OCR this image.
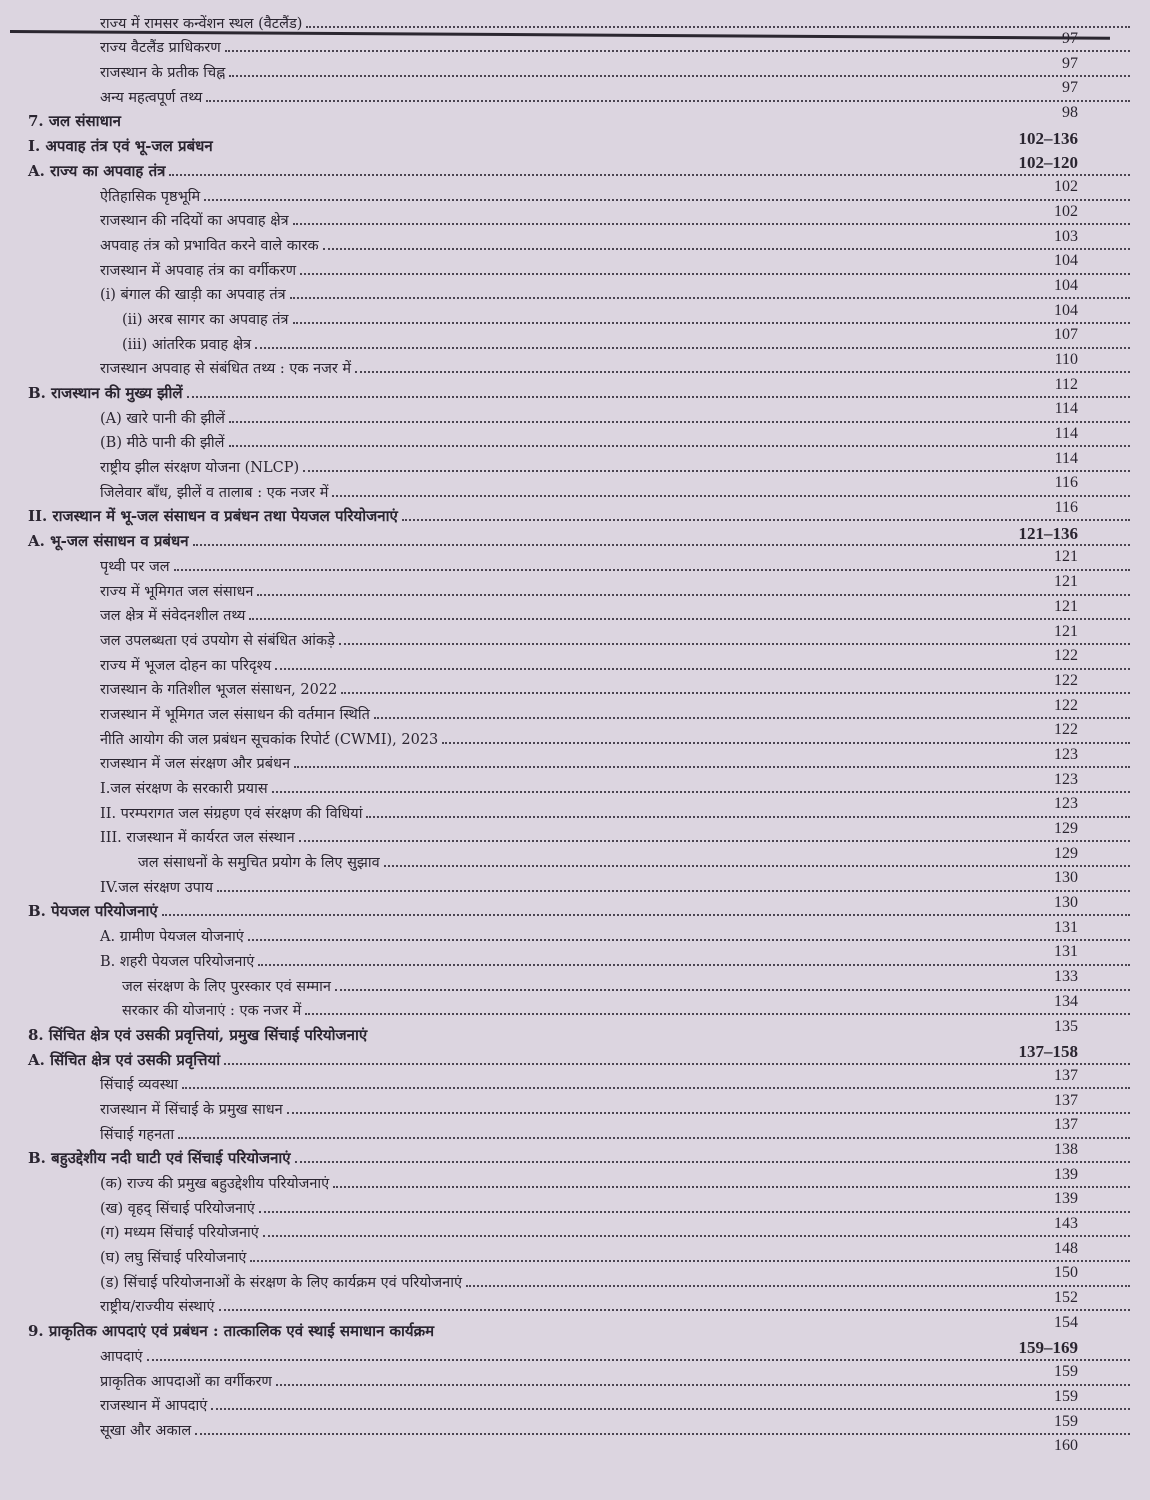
राज्य में रामसर कन्वेंशन स्थल (वैटलैंड)
97
राज्य वैटलैंड प्राधिकरण
97
राजस्थान के प्रतीक चिह्न
97
अन्य महत्वपूर्ण तथ्य
98
7. जल संसाधान
102–136
I. अपवाह तंत्र एवं भू-जल प्रबंधन
102–120
A. राज्य का अपवाह तंत्र
102
ऐतिहासिक पृष्ठभूमि
102
राजस्थान की नदियों का अपवाह क्षेत्र
103
अपवाह तंत्र को प्रभावित करने वाले कारक
104
राजस्थान में अपवाह तंत्र का वर्गीकरण
104
(i) बंगाल की खाड़ी का अपवाह तंत्र
104
(ii) अरब सागर का अपवाह तंत्र
107
(iii) आंतरिक प्रवाह क्षेत्र
110
राजस्थान अपवाह से संबंधित तथ्य : एक नजर में
112
B. राजस्थान की मुख्य झीलें
114
(A) खारे पानी की झीलें
114
(B) मीठे पानी की झीलें
114
राष्ट्रीय झील संरक्षण योजना (NLCP)
116
जिलेवार बाँध, झीलें व तालाब : एक नजर में
116
II. राजस्थान में भू-जल संसाधन व प्रबंधन तथा पेयजल परियोजनाएं
121–136
A. भू-जल संसाधन व प्रबंधन
121
पृथ्वी पर जल
121
राज्य में भूमिगत जल संसाधन
121
जल क्षेत्र में संवेदनशील तथ्य
121
जल उपलब्धता एवं उपयोग से संबंधित आंकड़े
122
राज्य में भूजल दोहन का परिदृश्य
122
राजस्थान के गतिशील भूजल संसाधन, 2022
122
राजस्थान में भूमिगत जल संसाधन की वर्तमान स्थिति
122
नीति आयोग की जल प्रबंधन सूचकांक रिपोर्ट (CWMI), 2023
123
राजस्थान में जल संरक्षण और प्रबंधन
123
I.जल संरक्षण के सरकारी प्रयास
123
II. परम्परागत जल संग्रहण एवं संरक्षण की विधियां
129
III. राजस्थान में कार्यरत जल संस्थान
129
जल संसाधनों के समुचित प्रयोग के लिए सुझाव
130
IV.जल संरक्षण उपाय
130
B. पेयजल परियोजनाएं
131
A. ग्रामीण पेयजल योजनाएं
131
B. शहरी पेयजल परियोजनाएं
133
जल संरक्षण के लिए पुरस्कार एवं सम्मान
134
सरकार की योजनाएं : एक नजर में
135
8. सिंचित क्षेत्र एवं उसकी प्रवृत्तियां, प्रमुख सिंचाई परियोजनाएं
137–158
A. सिंचित क्षेत्र एवं उसकी प्रवृत्तियां
137
सिंचाई व्यवस्था
137
राजस्थान में सिंचाई के प्रमुख साधन
137
सिंचाई गहनता
138
B. बहुउद्देशीय नदी घाटी एवं सिंचाई परियोजनाएं
139
(क) राज्य की प्रमुख बहुउद्देशीय परियोजनाएं
139
(ख) वृहद् सिंचाई परियोजनाएं
143
(ग) मध्यम सिंचाई परियोजनाएं
148
(घ) लघु सिंचाई परियोजनाएं
150
(ड) सिंचाई परियोजनाओं के संरक्षण के लिए कार्यक्रम एवं परियोजनाएं
152
राष्ट्रीय/राज्यीय संस्थाएं
154
9. प्राकृतिक आपदाएं एवं प्रबंधन : तात्कालिक एवं स्थाई समाधान कार्यक्रम
159–169
आपदाएं
159
प्राकृतिक आपदाओं का वर्गीकरण
159
राजस्थान में आपदाएं
159
सूखा और अकाल
160
